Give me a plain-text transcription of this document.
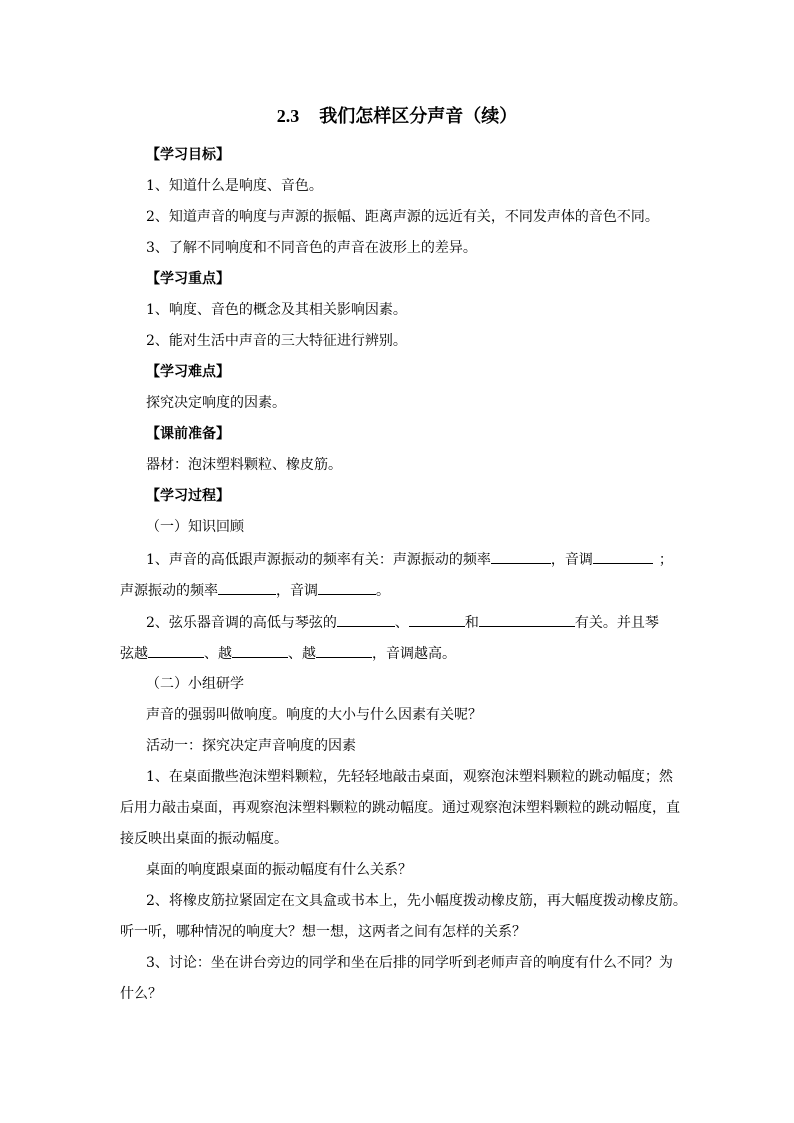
2.3 我们怎样区分声音（续）
【学习目标】
1、知道什么是响度、音色。
2、知道声音的响度与声源的振幅、距离声源的远近有关，不同发声体的音色不同。
3、了解不同响度和不同音色的声音在波形上的差异。
【学习重点】
1、响度、音色的概念及其相关影响因素。
2、能对生活中声音的三大特征进行辨别。
【学习难点】
探究决定响度的因素。
【课前准备】
器材：泡沫塑料颗粒、橡皮筋。
【学习过程】
（一）知识回顾
1、声音的高低跟声源振动的频率有关：声源振动的频率	，音调	；
声源振动的频率	，音调	。
2、弦乐器音调的高低与琴弦的	、	和	有关。并且琴
弦越	、越	、越	，音调越高。
（二）小组研学
声音的强弱叫做响度。响度的大小与什么因素有关呢？
活动一：探究决定声音响度的因素
1、在桌面撒些泡沫塑料颗粒，先轻轻地敲击桌面，观察泡沫塑料颗粒的跳动幅度；然
后用力敲击桌面，再观察泡沫塑料颗粒的跳动幅度。通过观察泡沫塑料颗粒的跳动幅度，直
接反映出桌面的振动幅度。
桌面的响度跟桌面的振动幅度有什么关系？
2、将橡皮筋拉紧固定在文具盒或书本上，先小幅度拨动橡皮筋，再大幅度拨动橡皮筋。
听一听，哪种情况的响度大？想一想，这两者之间有怎样的关系？
3、讨论：坐在讲台旁边的同学和坐在后排的同学听到老师声音的响度有什么不同？为
什么？
